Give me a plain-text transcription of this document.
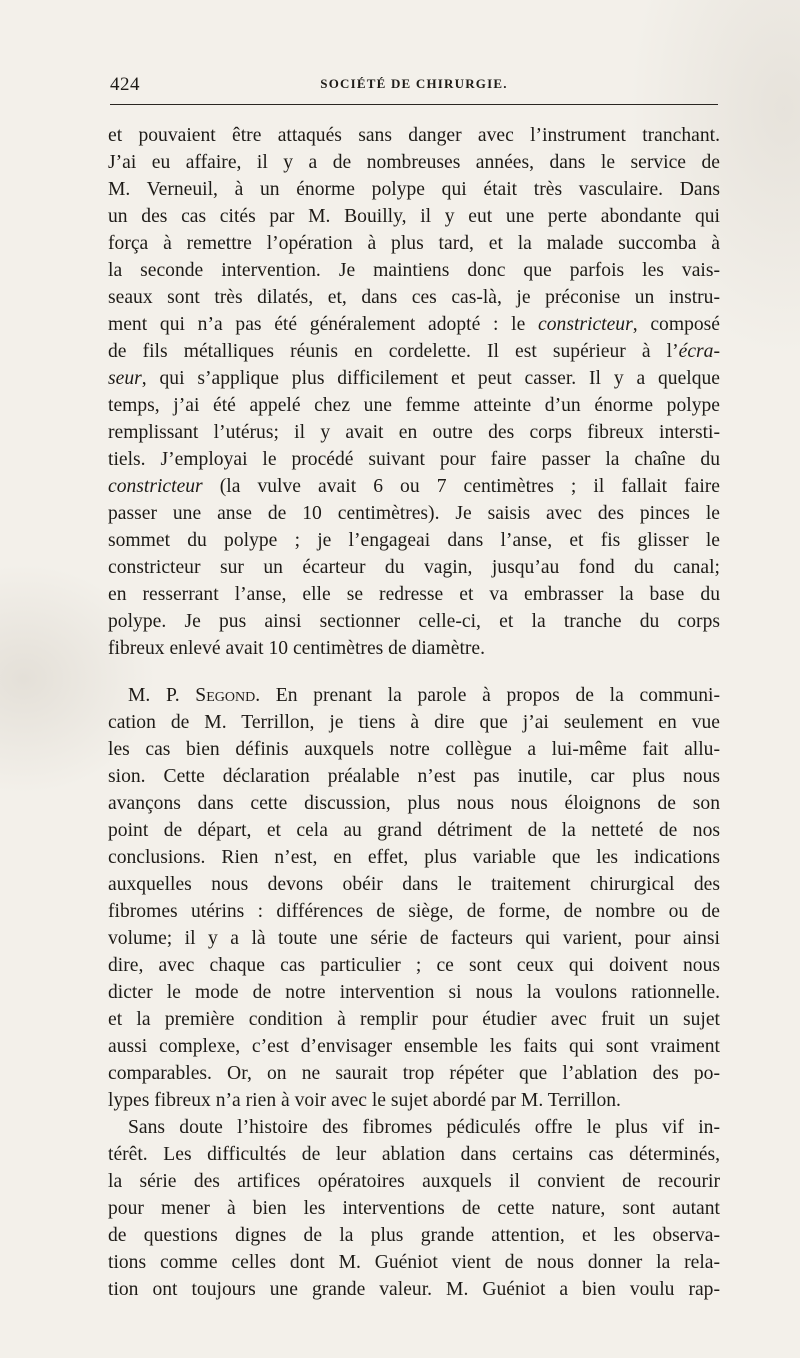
424	SOCIÉTÉ DE CHIRURGIE.
et pouvaient être attaqués sans danger avec l’instrument tranchant.
J’ai eu affaire, il y a de nombreuses années, dans le service de
M. Verneuil, à un énorme polype qui était très vasculaire. Dans
un des cas cités par M. Bouilly, il y eut une perte abondante qui
força à remettre l’opération à plus tard, et la malade succomba à
la seconde intervention. Je maintiens donc que parfois les vais-
seaux sont très dilatés, et, dans ces cas-là, je préconise un instru-
ment qui n’a pas été généralement adopté : le constricteur, composé
de fils métalliques réunis en cordelette. Il est supérieur à l’écra-
seur, qui s’applique plus difficilement et peut casser. Il y a quelque
temps, j’ai été appelé chez une femme atteinte d’un énorme polype
remplissant l’utérus; il y avait en outre des corps fibreux intersti-
tiels. J’employai le procédé suivant pour faire passer la chaîne du
constricteur (la vulve avait 6 ou 7 centimètres ; il fallait faire
passer une anse de 10 centimètres). Je saisis avec des pinces le
sommet du polype ; je l’engageai dans l’anse, et fis glisser le
constricteur sur un écarteur du vagin, jusqu’au fond du canal;
en resserrant l’anse, elle se redresse et va embrasser la base du
polype. Je pus ainsi sectionner celle-ci, et la tranche du corps
fibreux enlevé avait 10 centimètres de diamètre.
M. P. Segond. En prenant la parole à propos de la communi-
cation de M. Terrillon, je tiens à dire que j’ai seulement en vue
les cas bien définis auxquels notre collègue a lui-même fait allu-
sion. Cette déclaration préalable n’est pas inutile, car plus nous
avançons dans cette discussion, plus nous nous éloignons de son
point de départ, et cela au grand détriment de la netteté de nos
conclusions. Rien n’est, en effet, plus variable que les indications
auxquelles nous devons obéir dans le traitement chirurgical des
fibromes utérins : différences de siège, de forme, de nombre ou de
volume; il y a là toute une série de facteurs qui varient, pour ainsi
dire, avec chaque cas particulier ; ce sont ceux qui doivent nous
dicter le mode de notre intervention si nous la voulons rationnelle.
et la première condition à remplir pour étudier avec fruit un sujet
aussi complexe, c’est d’envisager ensemble les faits qui sont vraiment
comparables. Or, on ne saurait trop répéter que l’ablation des po-
lypes fibreux n’a rien à voir avec le sujet abordé par M. Terrillon.
Sans doute l’histoire des fibromes pédiculés offre le plus vif in-
térêt. Les difficultés de leur ablation dans certains cas déterminés,
la série des artifices opératoires auxquels il convient de recourir
pour mener à bien les interventions de cette nature, sont autant
de questions dignes de la plus grande attention, et les observa-
tions comme celles dont M. Guéniot vient de nous donner la rela-
tion ont toujours une grande valeur. M. Guéniot a bien voulu rap-
